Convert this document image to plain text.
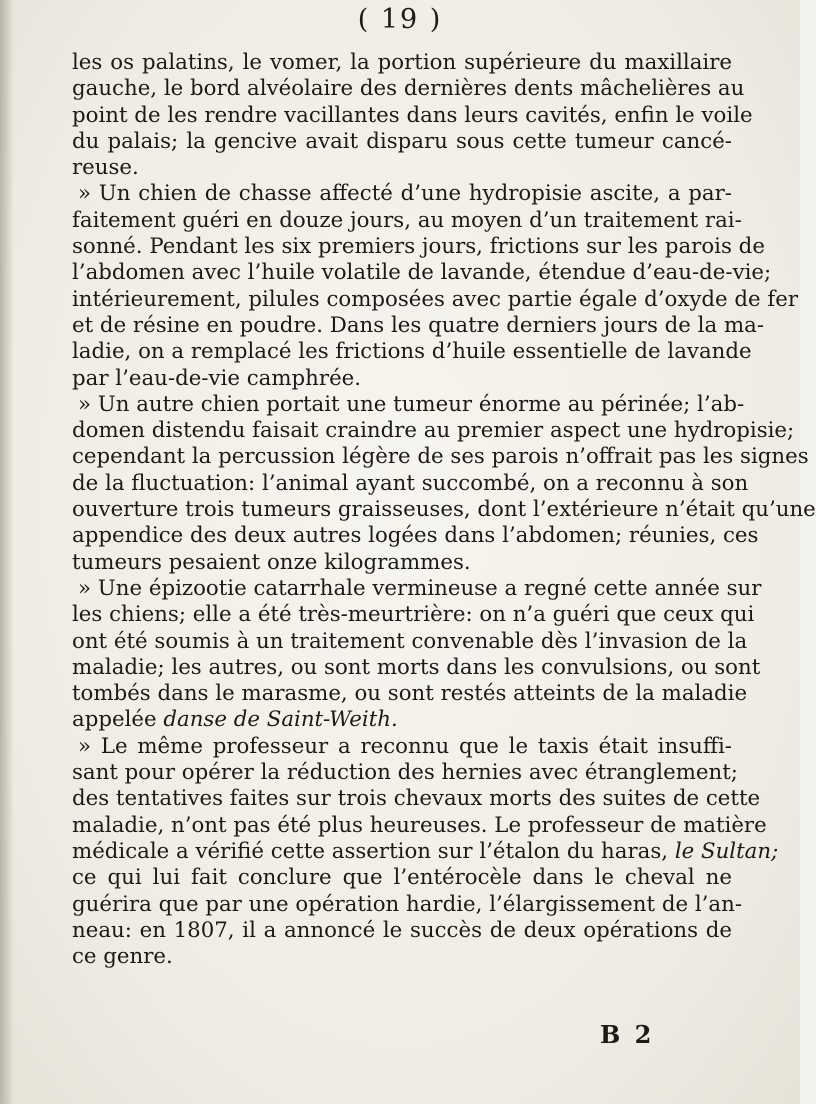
( 19 )
les os palatins, le vomer, la portion supérieure du maxillaire
gauche, le bord alvéolaire des dernières dents mâchelières au
point de les rendre vacillantes dans leurs cavités, enfin le voile
du palais; la gencive avait disparu sous cette tumeur cancé-
reuse.
» Un chien de chasse affecté d’une hydropisie ascite, a par-
faitement guéri en douze jours, au moyen d’un traitement rai-
sonné. Pendant les six premiers jours, frictions sur les parois de
l’abdomen avec l’huile volatile de lavande, étendue d’eau-de-vie;
intérieurement, pilules composées avec partie égale d’oxyde de fer
et de résine en poudre. Dans les quatre derniers jours de la ma-
ladie, on a remplacé les frictions d’huile essentielle de lavande
par l’eau-de-vie camphrée.
» Un autre chien portait une tumeur énorme au périnée; l’ab-
domen distendu faisait craindre au premier aspect une hydropisie;
cependant la percussion légère de ses parois n’offrait pas les signes
de la fluctuation: l’animal ayant succombé, on a reconnu à son
ouverture trois tumeurs graisseuses, dont l’extérieure n’était qu’une
appendice des deux autres logées dans l’abdomen; réunies, ces
tumeurs pesaient onze kilogrammes.
» Une épizootie catarrhale vermineuse a regné cette année sur
les chiens; elle a été très-meurtrière: on n’a guéri que ceux qui
ont été soumis à un traitement convenable dès l’invasion de la
maladie; les autres, ou sont morts dans les convulsions, ou sont
tombés dans le marasme, ou sont restés atteints de la maladie
appelée danse de Saint-Weith.
» Le même professeur a reconnu que le taxis était insuffi-
sant pour opérer la réduction des hernies avec étranglement;
des tentatives faites sur trois chevaux morts des suites de cette
maladie, n’ont pas été plus heureuses. Le professeur de matière
médicale a vérifié cette assertion sur l’étalon du haras, le Sultan;
ce qui lui fait conclure que l’entérocèle dans le cheval ne
guérira que par une opération hardie, l’élargissement de l’an-
neau: en 1807, il a annoncé le succès de deux opérations de
ce genre.
B 2
